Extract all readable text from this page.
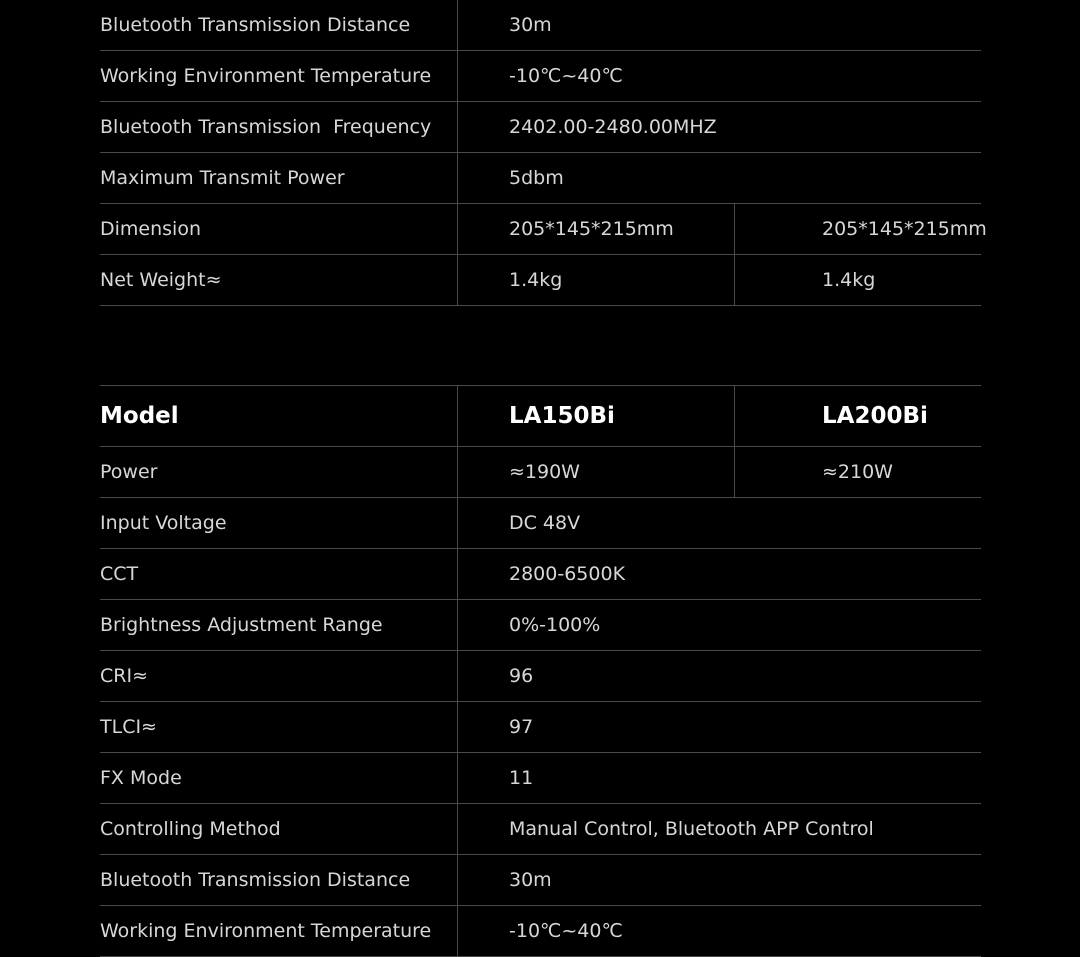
Bluetooth Transmission Distance	30m
Working Environment Temperature	-10℃~40℃
Bluetooth Transmission  Frequency	2402.00-2480.00MHZ
Maximum Transmit Power	5dbm
Dimension	205*145*215mm	205*145*215mm
Net Weight≈	1.4kg	1.4kg
Model	LA150Bi	LA200Bi
Power	≈190W	≈210W
Input Voltage	DC 48V
CCT	2800-6500K
Brightness Adjustment Range	0%-100%
CRI≈	96
TLCI≈	97
FX Mode	11
Controlling Method	Manual Control, Bluetooth APP Control
Bluetooth Transmission Distance	30m
Working Environment Temperature	-10℃~40℃
